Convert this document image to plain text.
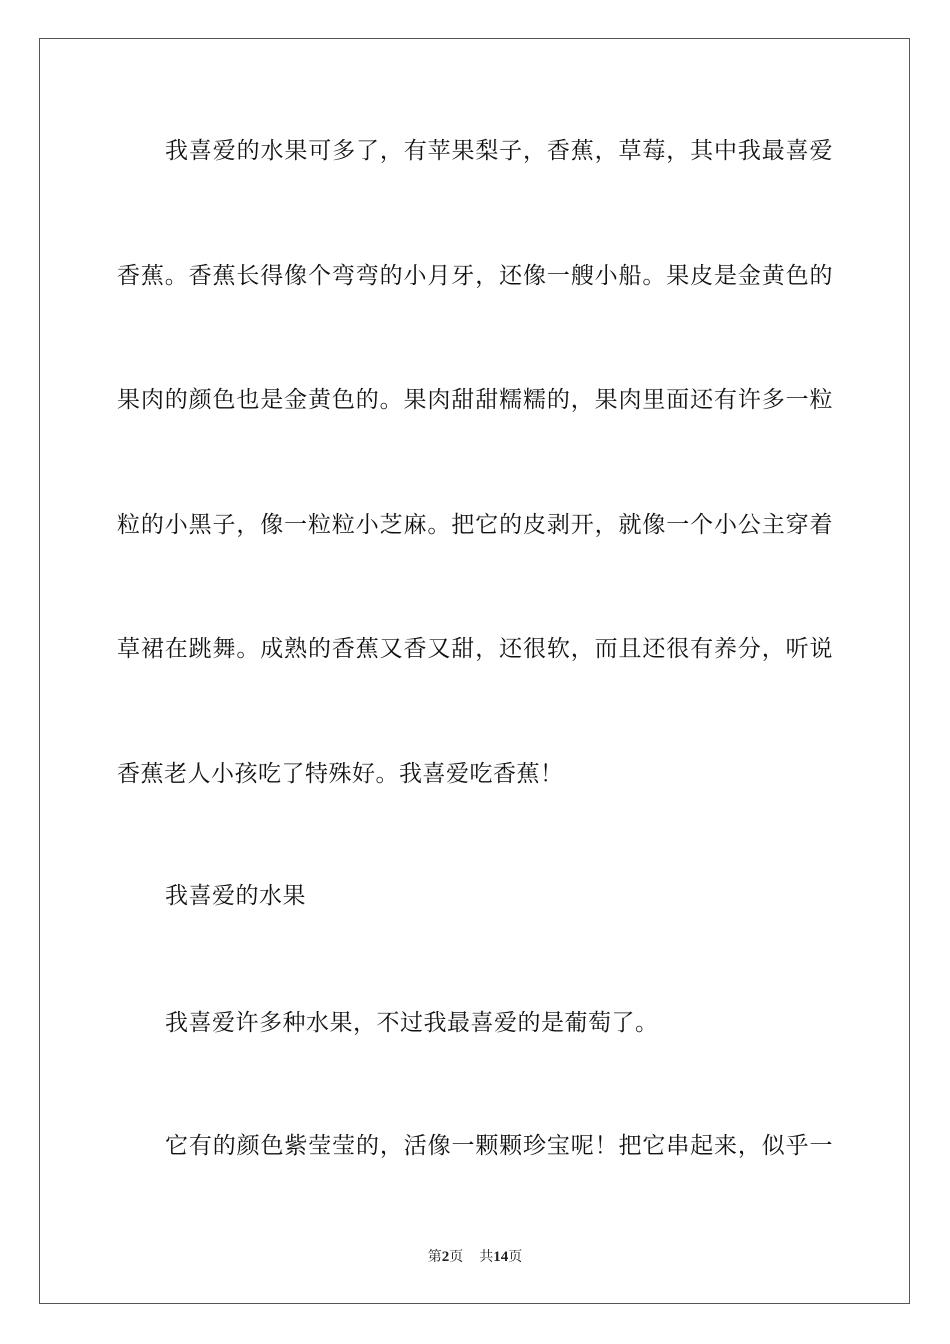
我喜爱的水果可多了，有苹果梨子，香蕉，草莓，其中我最喜爱
香蕉。香蕉长得像个弯弯的小月牙，还像一艘小船。果皮是金黄色的
果肉的颜色也是金黄色的。果肉甜甜糯糯的，果肉里面还有许多一粒
粒的小黑子，像一粒粒小芝麻。把它的皮剥开，就像一个小公主穿着
草裙在跳舞。成熟的香蕉又香又甜，还很软，而且还很有养分，听说
香蕉老人小孩吃了特殊好。我喜爱吃香蕉！
我喜爱的水果
我喜爱许多种水果，不过我最喜爱的是葡萄了。
它有的颜色紫莹莹的，活像一颗颗珍宝呢！把它串起来，似乎一
第2页 共14页
